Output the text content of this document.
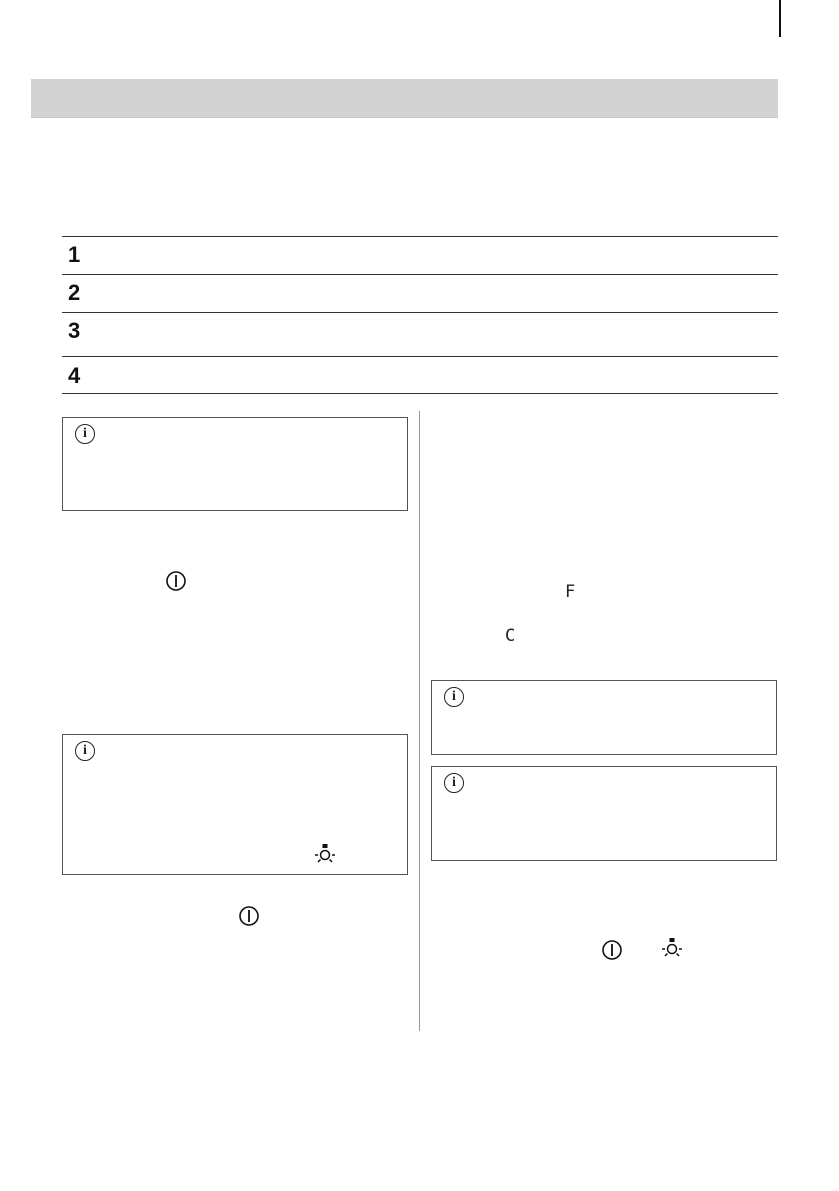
1
2
3
4
i
i
F
C
i
i
